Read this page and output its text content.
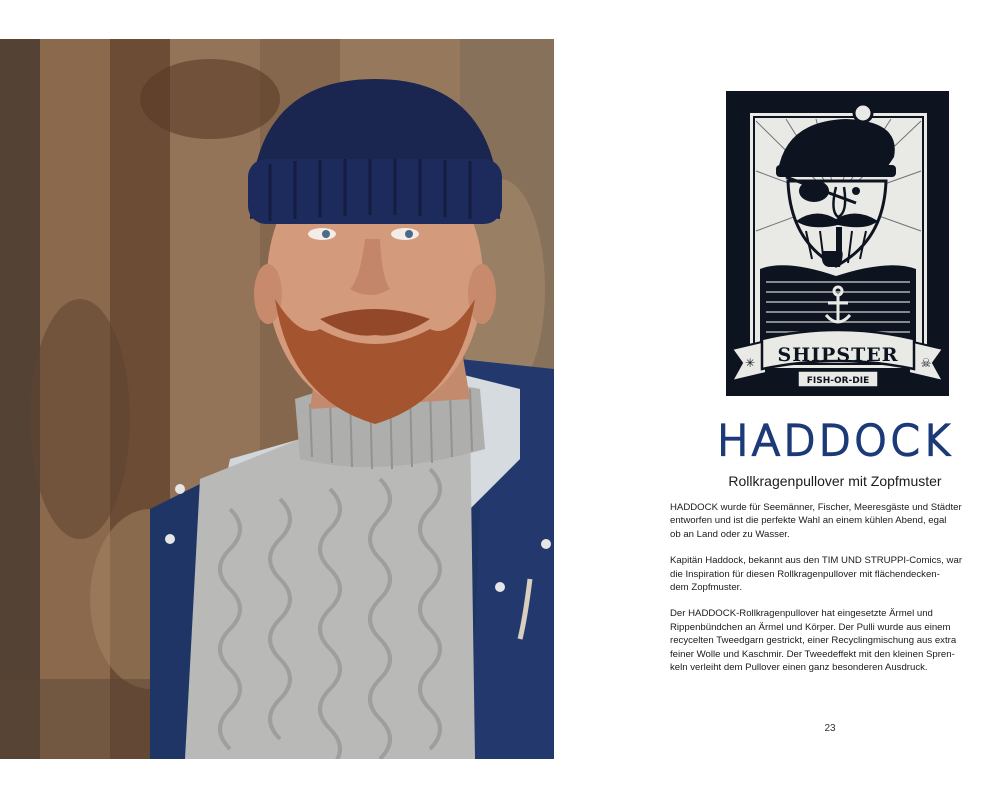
SHIPSTER
FISH-OR-DIE
✳	☠
HADDOCK
Rollkragenpullover mit Zopfmuster

HADDOCK wurde für Seemänner, Fischer, Meeresgäste und Städter
entworfen und ist die perfekte Wahl an einem kühlen Abend, egal
ob an Land oder zu Wasser.

Kapitän Haddock, bekannt aus den TIM UND STRUPPI-Comics, war
die Inspiration für diesen Rollkragenpullover mit flächendecken-
dem Zopfmuster.

Der HADDOCK-Rollkragenpullover hat eingesetzte Ärmel und
Rippenbündchen an Ärmel und Körper. Der Pulli wurde aus einem
recycelten Tweedgarn gestrickt, einer Recyclingmischung aus extra
feiner Wolle und Kaschmir. Der Tweedeffekt mit den kleinen Spren-
keln verleiht dem Pullover einen ganz besonderen Ausdruck.

23
